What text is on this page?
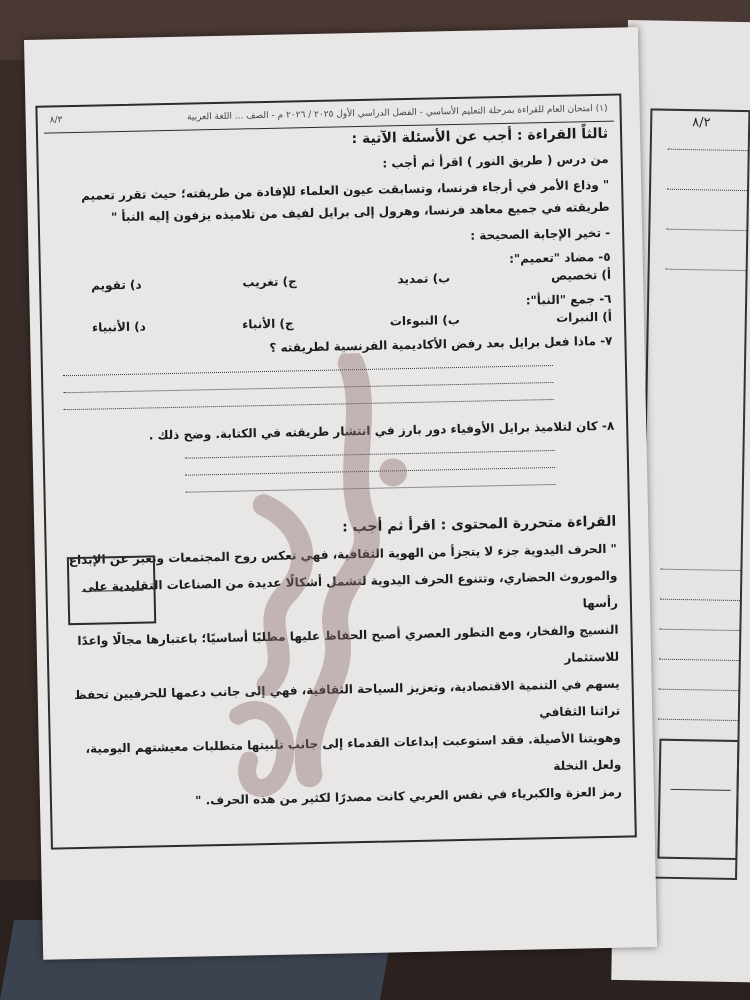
٨/٢
(١) امتحان العام للقراءة بمرحلة التعليم الأساسي - الفصل الدراسي الأول ٢٠٢٥ / ٢٠٢٦ م - الصف ... اللغة العربية
٨/٣
ثالثاً القراءة : أجب عن الأسئلة الآتية :
من درس ( طريق النور ) اقرأ ثم أجب :
" وذاع الأمر في أرجاء فرنسا، وتسابقت عيون العلماء للإفادة من طريقته؛ حيث تقرر تعميم
طريقته في جميع معاهد فرنسا، وهرول إلى برايل لفيف من تلاميذه يزفون إليه النبأ "
- تخير الإجابة الصحيحة :
٥- مضاد "تعميم":
أ) تخصيص
ب) تمديد
ج) تغريب
د) تقويم
٦- جمع "النبأ":
أ) النبرات
ب) النبوءات
ج) الأنباء
د) الأنبياء
٧- ماذا فعل برايل بعد رفض الأكاديمية الفرنسية لطريقته ؟
٨- كان لتلاميذ برايل الأوفياء دور بارز في انتشار طريقته في الكتابة. وضح ذلك .
القراءة متحررة المحتوى : اقرأ ثم أجب :
" الحرف اليدوية جزء لا يتجزأ من الهوية الثقافية، فهي تعكس روح المجتمعات وتعبر عن الإبداع
والموروث الحضاري، وتتنوع الحرف اليدوية لتشمل أشكالًا عديدة من الصناعات التقليدية على رأسها
النسيج والفخار، ومع التطور العصري أصبح الحفاظ عليها مطلبًا أساسيًا؛ باعتبارها مجالًا واعدًا للاستثمار
يسهم في التنمية الاقتصادية، وتعزيز السياحة الثقافية، فهي إلى جانب دعمها للحرفيين تحفظ تراثنا الثقافي
وهويتنا الأصيلة. فقد استوعبت إبداعات القدماء إلى جانب تلبيتها متطلبات معيشتهم اليومية، ولعل النخلة
رمز العزة والكبرياء في نفس العربي كانت مصدرًا لكثير من هذه الحرف. "
